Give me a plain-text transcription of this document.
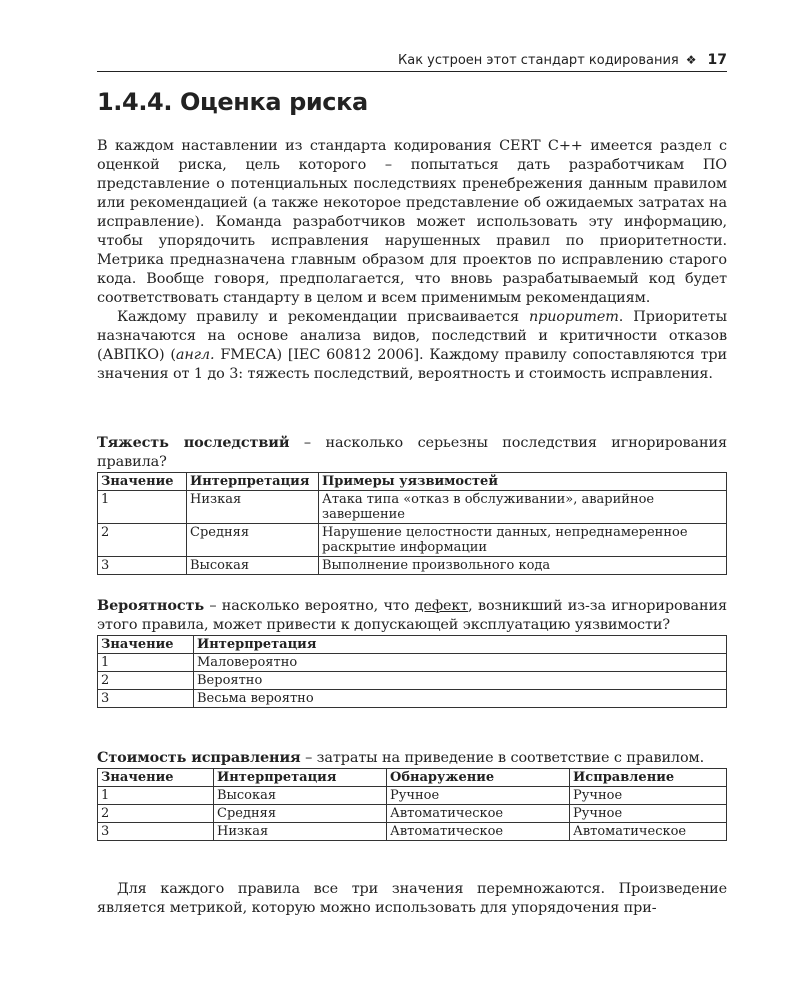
Как устроен этот стандарт кодирования ❖ 17
1.4.4. Оценка риска

В каждом наставлении из стандарта кодирования CERT C++ имеется раздел с оценкой риска, цель которого – попытаться дать разработчикам ПО представление о потенциальных последствиях пренебрежения данным правилом или рекомендацией (а также некоторое представление об ожидаемых затратах на исправление). Команда разработчиков может использовать эту информацию, чтобы упорядочить исправления нарушенных правил по приоритетности. Метрика предназначена главным образом для проектов по исправлению старого кода. Вообще говоря, предполагается, что вновь разрабатываемый код будет соответствовать стандарту в целом и всем применимым рекомендациям.

Каждому правилу и рекомендации присваивается приоритет. Приоритеты назначаются на основе анализа видов, последствий и критичности отказов (АВПКО) (англ. FMECA) [IEC 60812 2006]. Каждому правилу сопоставляются три значения от 1 до 3: тяжесть последствий, вероятность и стоимость исправления.

Тяжесть последствий – насколько серьезны последствия игнорирования правила?

Значение	Интерпретация	Примеры уязвимостей
1	Низкая	Атака типа «отказ в обслуживании», аварийное завершение
2	Средняя	Нарушение целостности данных, непреднамеренное раскрытие информации
3	Высокая	Выполнение произвольного кода

Вероятность – насколько вероятно, что дефект, возникший из-за игнорирования этого правила, может привести к допускающей эксплуатацию уязвимости?

Значение	Интерпретация
1	Маловероятно
2	Вероятно
3	Весьма вероятно

Стоимость исправления – затраты на приведение в соответствие с правилом.

Значение	Интерпретация	Обнаружение	Исправление
1	Высокая	Ручное	Ручное
2	Средняя	Автоматическое	Ручное
3	Низкая	Автоматическое	Автоматическое

Для каждого правила все три значения перемножаются. Произведение является метрикой, которую можно использовать для упорядочения при-
